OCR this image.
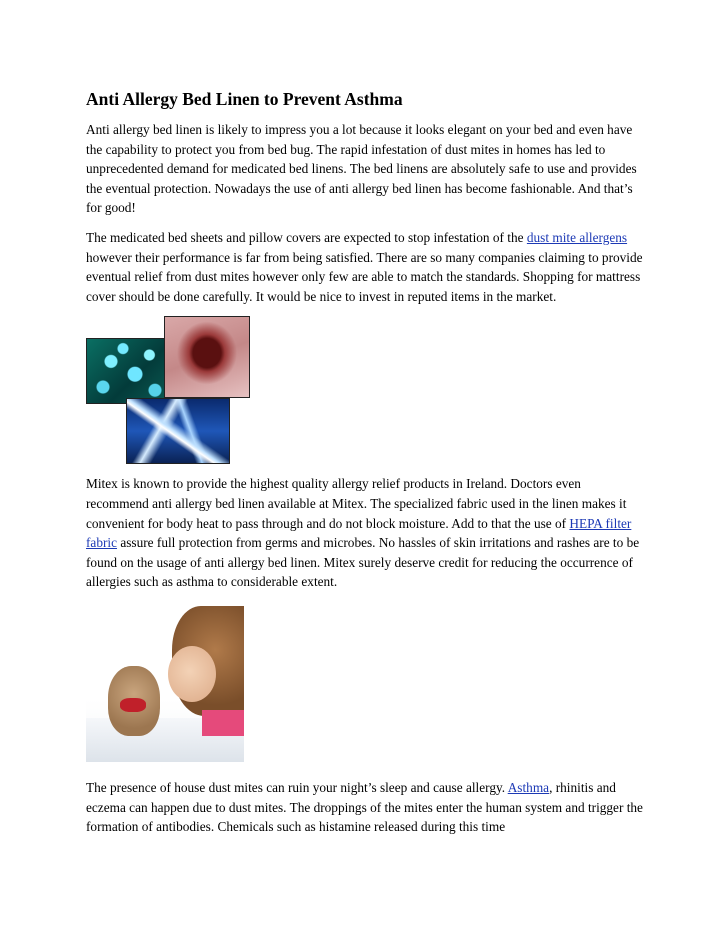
Anti Allergy Bed Linen to Prevent Asthma

Anti allergy bed linen is likely to impress you a lot because it looks elegant on your bed and even have the capability to protect you from bed bug. The rapid infestation of dust mites in homes has led to unprecedented demand for medicated bed linens. The bed linens are absolutely safe to use and provides the eventual protection. Nowadays the use of anti allergy bed linen has become fashionable. And that’s for good!

The medicated bed sheets and pillow covers are expected to stop infestation of the dust mite allergens however their performance is far from being satisfied. There are so many companies claiming to provide eventual relief from dust mites however only few are able to match the standards. Shopping for mattress cover should be done carefully. It would be nice to invest in reputed items in the market.

Mitex is known to provide the highest quality allergy relief products in Ireland. Doctors even recommend anti allergy bed linen available at Mitex. The specialized fabric used in the linen makes it convenient for body heat to pass through and do not block moisture. Add to that the use of HEPA filter fabric assure full protection from germs and microbes. No hassles of skin irritations and rashes are to be found on the usage of anti allergy bed linen. Mitex surely deserve credit for reducing the occurrence of allergies such as asthma to considerable extent.

The presence of house dust mites can ruin your night’s sleep and cause allergy. Asthma, rhinitis and eczema can happen due to dust mites. The droppings of the mites enter the human system and trigger the formation of antibodies. Chemicals such as histamine released during this time
